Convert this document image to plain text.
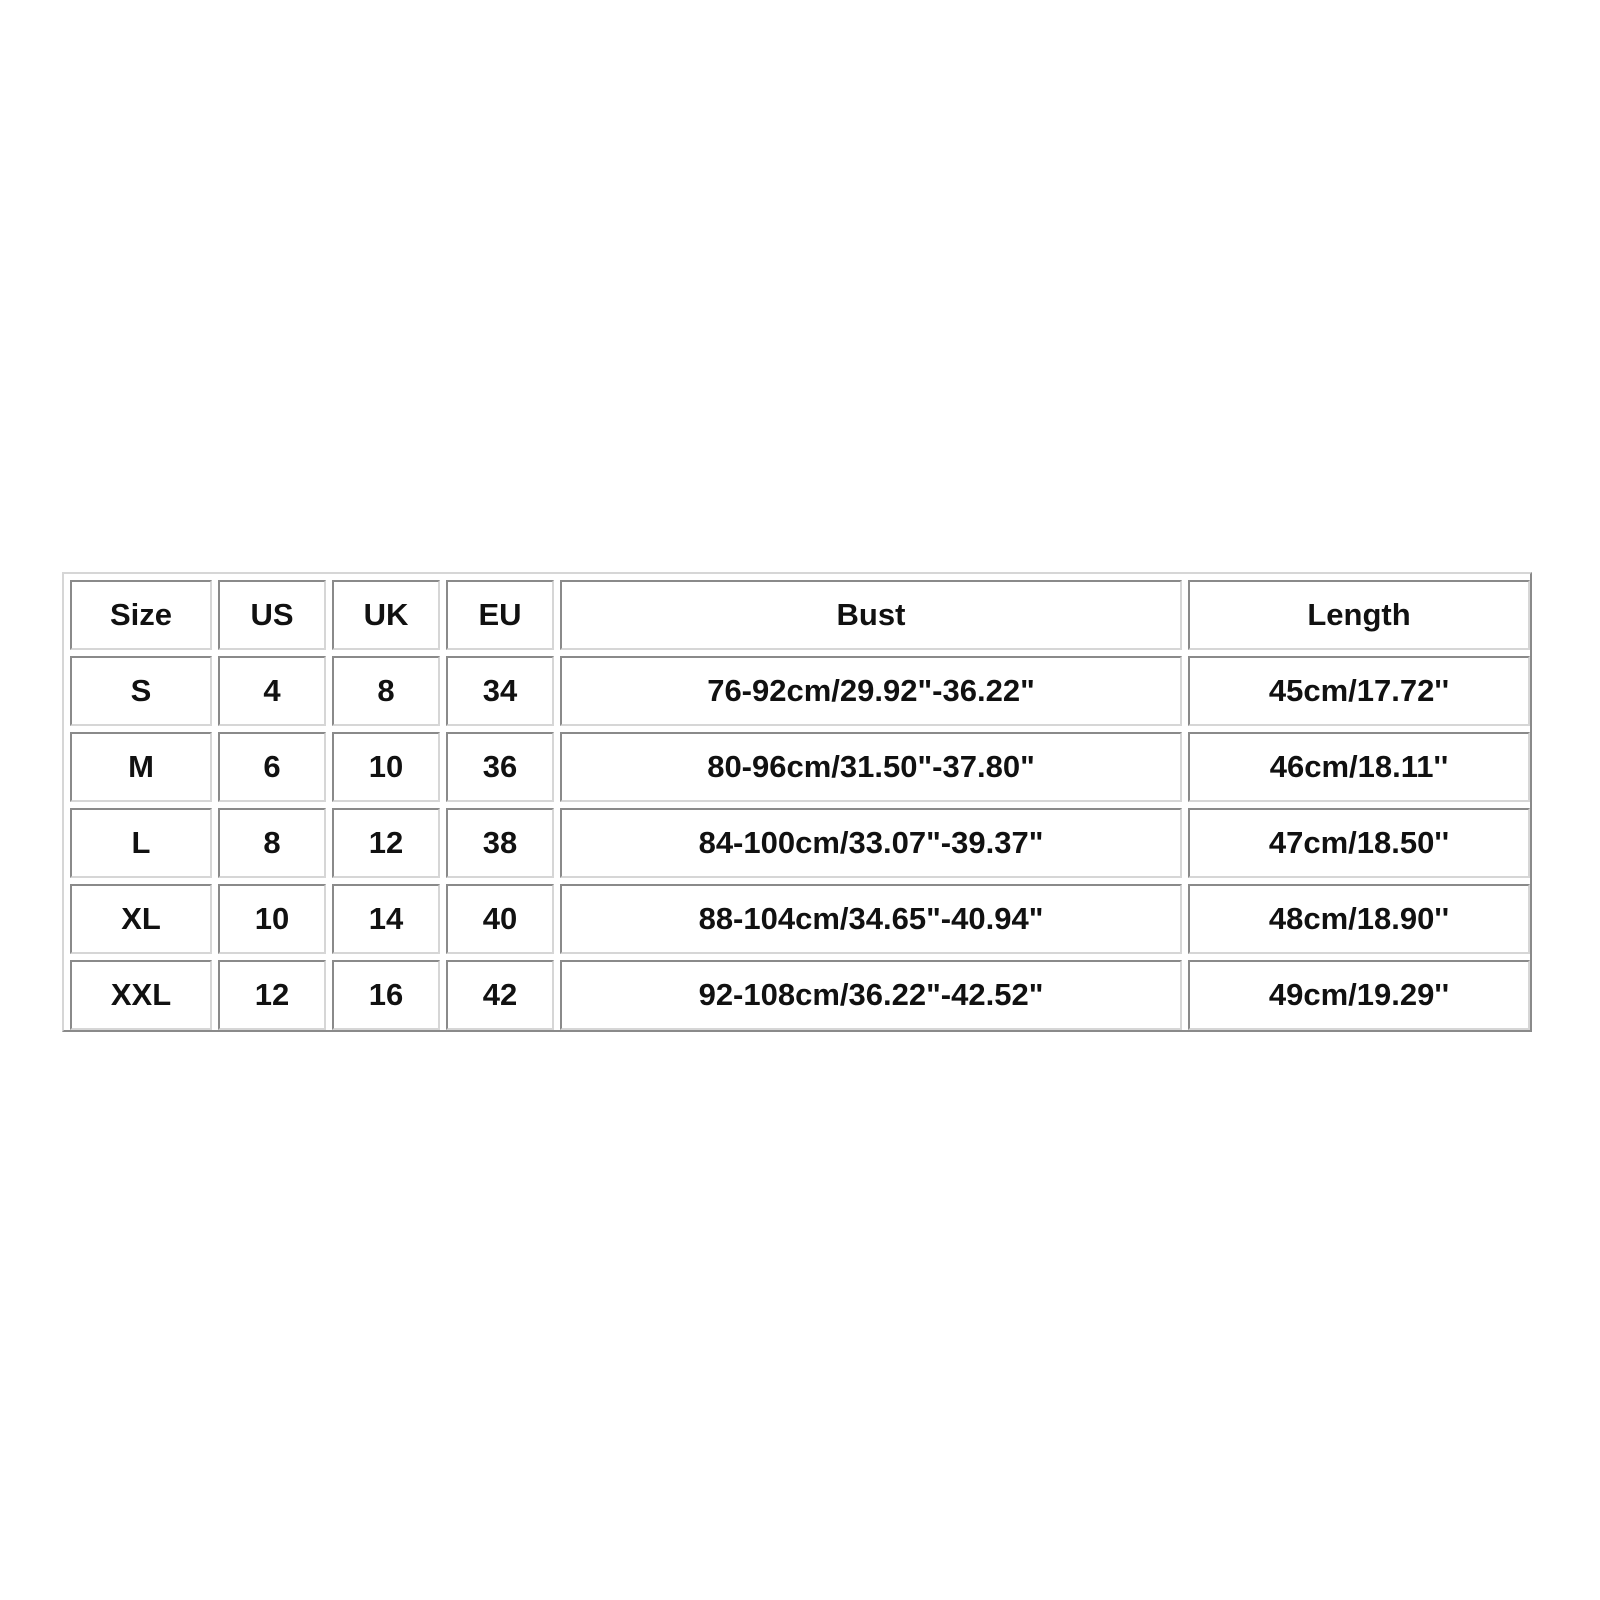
Size	US	UK	EU	Bust	Length
S	4	8	34	76-92cm/29.92"-36.22"	45cm/17.72''
M	6	10	36	80-96cm/31.50"-37.80"	46cm/18.11''
L	8	12	38	84-100cm/33.07"-39.37"	47cm/18.50''
XL	10	14	40	88-104cm/34.65"-40.94"	48cm/18.90''
XXL	12	16	42	92-108cm/36.22"-42.52"	49cm/19.29''
